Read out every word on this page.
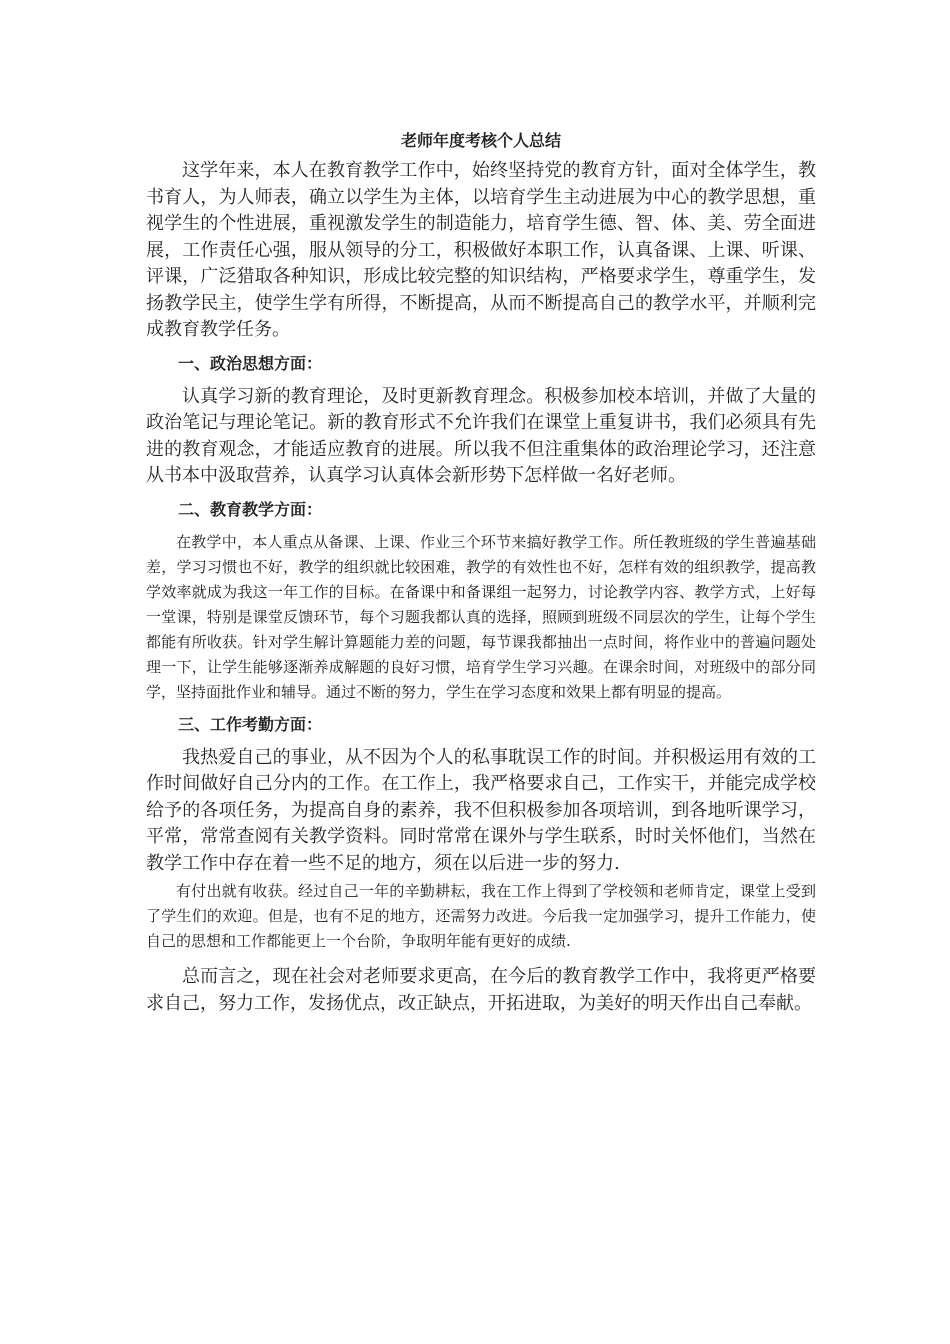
老师年度考核个人总结

这学年来，本人在教育教学工作中，始终坚持党的教育方针，面对全体学生，教书育人，为人师表，确立以学生为主体，以培育学生主动进展为中心的教学思想，重视学生的个性进展，重视激发学生的制造能力，培育学生德、智、体、美、劳全面进展，工作责任心强，服从领导的分工，积极做好本职工作，认真备课、上课、听课、评课，广泛猎取各种知识，形成比较完整的知识结构，严格要求学生，尊重学生，发扬教学民主，使学生学有所得，不断提高，从而不断提高自己的教学水平，并顺利完成教育教学任务。

一、政治思想方面：

认真学习新的教育理论，及时更新教育理念。积极参加校本培训，并做了大量的政治笔记与理论笔记。新的教育形式不允许我们在课堂上重复讲书，我们必须具有先进的教育观念，才能适应教育的进展。所以我不但注重集体的政治理论学习，还注意从书本中汲取营养，认真学习认真体会新形势下怎样做一名好老师。

二、教育教学方面：

在教学中，本人重点从备课、上课、作业三个环节来搞好教学工作。所任教班级的学生普遍基础差，学习习惯也不好，教学的组织就比较困难，教学的有效性也不好，怎样有效的组织教学，提高教学效率就成为我这一年工作的目标。在备课中和备课组一起努力，讨论教学内容、教学方式，上好每一堂课，特别是课堂反馈环节，每个习题我都认真的选择，照顾到班级不同层次的学生，让每个学生都能有所收获。针对学生解计算题能力差的问题，每节课我都抽出一点时间，将作业中的普遍问题处理一下，让学生能够逐渐养成解题的良好习惯，培育学生学习兴趣。在课余时间，对班级中的部分同学，坚持面批作业和辅导。通过不断的努力，学生在学习态度和效果上都有明显的提高。

三、工作考勤方面：

我热爱自己的事业，从不因为个人的私事耽误工作的时间。并积极运用有效的工作时间做好自己分内的工作。在工作上，我严格要求自己，工作实干，并能完成学校给予的各项任务，为提高自身的素养，我不但积极参加各项培训，到各地听课学习，平常，常常查阅有关教学资料。同时常常在课外与学生联系，时时关怀他们，当然在教学工作中存在着一些不足的地方，须在以后进一步的努力.

有付出就有收获。经过自己一年的辛勤耕耘，我在工作上得到了学校领和老师肯定，课堂上受到了学生们的欢迎。但是，也有不足的地方，还需努力改进。今后我一定加强学习，提升工作能力，使自己的思想和工作都能更上一个台阶，争取明年能有更好的成绩.

总而言之，现在社会对老师要求更高，在今后的教育教学工作中，我将更严格要求自己，努力工作，发扬优点，改正缺点，开拓进取，为美好的明天作出自己奉献。
